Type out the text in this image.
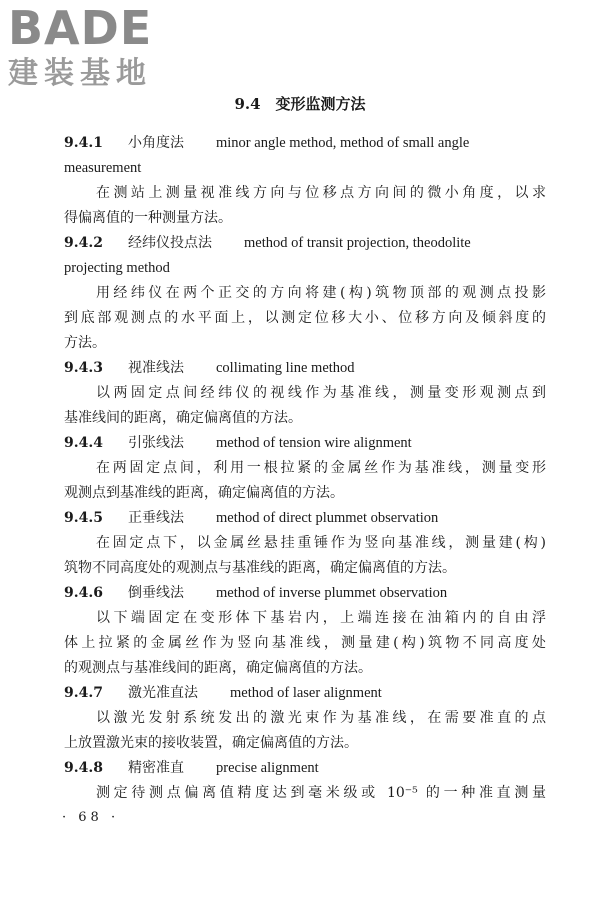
BADE
建装基地
9.4　变形监测方法
9.4.1	小角度法 minor angle method, method of small angle
measurement
在测站上测量视准线方向与位移点方向间的微小角度，以求
得偏离值的一种测量方法。
9.4.2	经纬仪投点法 method of transit projection, theodolite
projecting method
用经纬仪在两个正交的方向将建(构)筑物顶部的观测点投影
到底部观测点的水平面上，以测定位移大小、位移方向及倾斜度的
方法。
9.4.3	视准线法 collimating line method
以两固定点间经纬仪的视线作为基准线，测量变形观测点到
基准线间的距离，确定偏离值的方法。
9.4.4	引张线法 method of tension wire alignment
在两固定点间，利用一根拉紧的金属丝作为基准线，测量变形
观测点到基准线的距离，确定偏离值的方法。
9.4.5	正垂线法 method of direct plummet observation
在固定点下，以金属丝悬挂重锤作为竖向基准线，测量建(构)
筑物不同高度处的观测点与基准线的距离，确定偏离值的方法。
9.4.6	倒垂线法 method of inverse plummet observation
以下端固定在变形体下基岩内，上端连接在油箱内的自由浮
体上拉紧的金属丝作为竖向基准线，测量建(构)筑物不同高度处
的观测点与基准线间的距离，确定偏离值的方法。
9.4.7	激光准直法 method of laser alignment
以激光发射系统发出的激光束作为基准线，在需要准直的点
上放置激光束的接收装置，确定偏离值的方法。
9.4.8	精密准直 precise alignment
测定待测点偏离值精度达到毫米级或 10⁻⁵ 的一种准直测量
· 68 ·
